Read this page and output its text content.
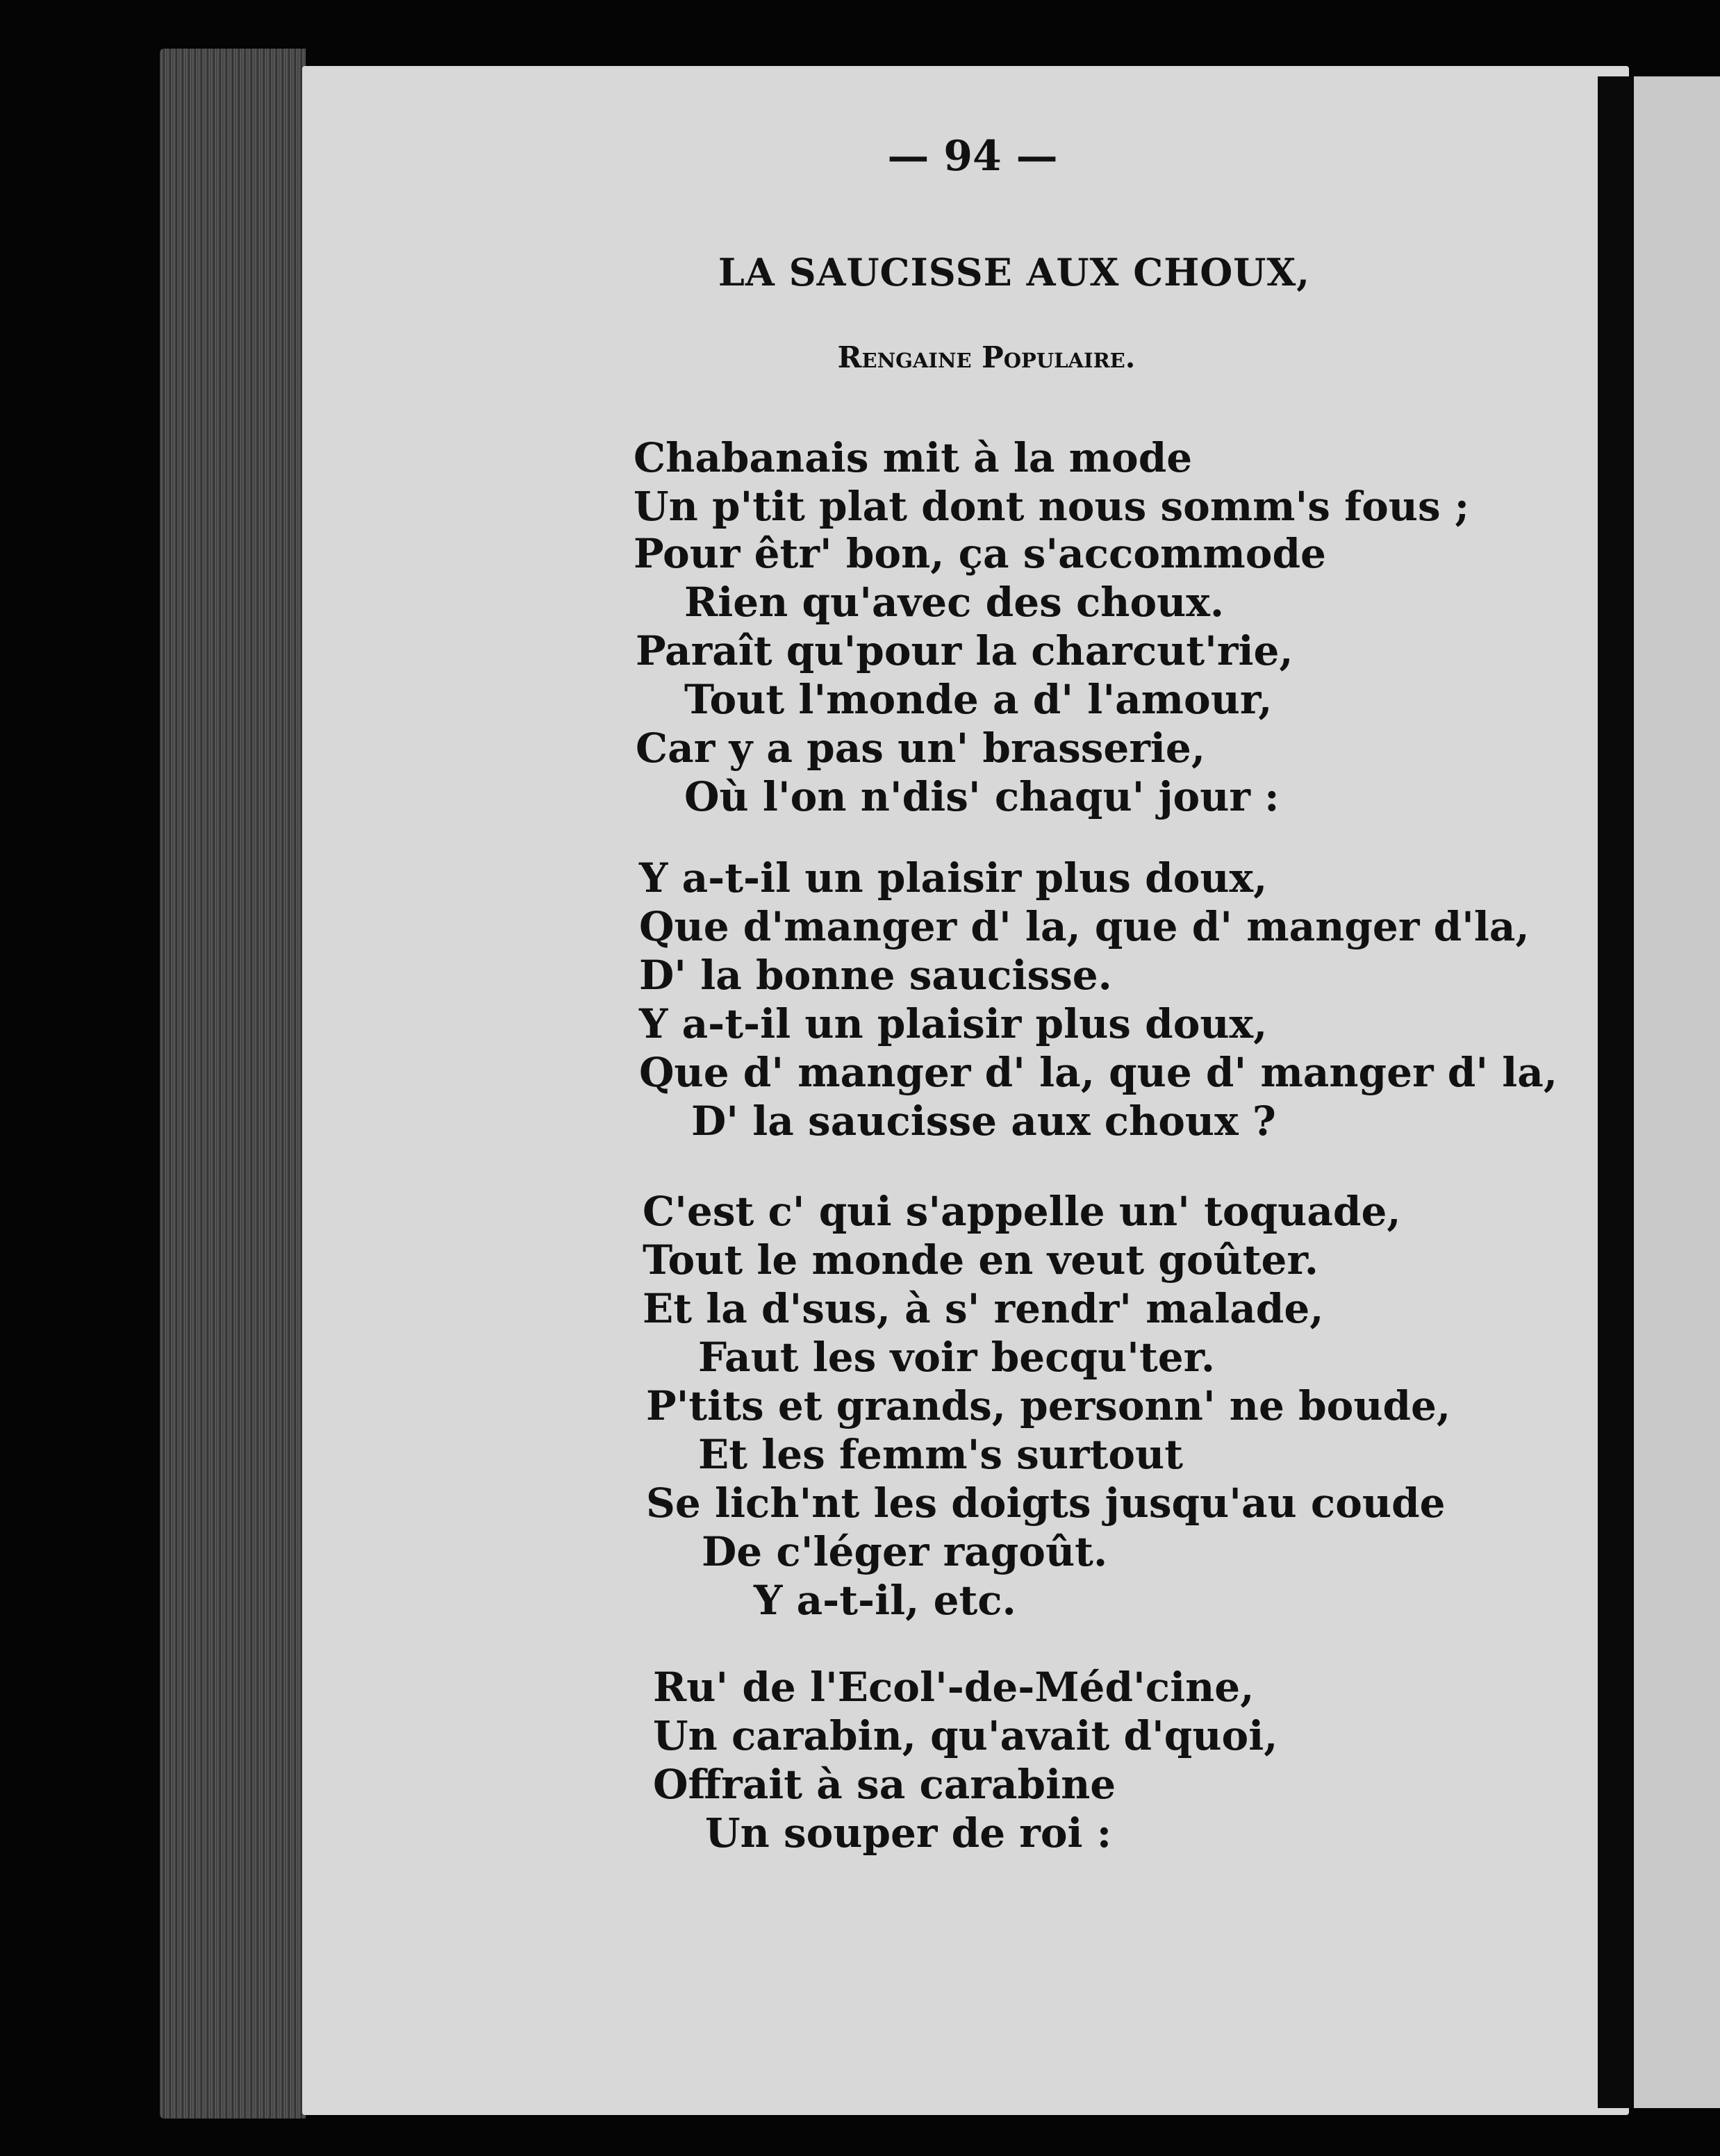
— 94 —
LA SAUCISSE AUX CHOUX,
Rengaine Populaire.
Chabanais mit à la mode
Un p'tit plat dont nous somm's fous ;
Pour êtr' bon, ça s'accommode
Rien qu'avec des choux.
Paraît qu'pour la charcut'rie,
Tout l'monde a d' l'amour,
Car y a pas un' brasserie,
Où l'on n'dis' chaqu' jour :
Y a-t-il un plaisir plus doux,
Que d'manger d' la, que d' manger d'la,
D' la bonne saucisse.
Y a-t-il un plaisir plus doux,
Que d' manger d' la, que d' manger d' la,
D' la saucisse aux choux ?
C'est c' qui s'appelle un' toquade,
Tout le monde en veut goûter.
Et la d'sus, à s' rendr' malade,
Faut les voir becqu'ter.
P'tits et grands, personn' ne boude,
Et les femm's surtout
Se lich'nt les doigts jusqu'au coude
De c'léger ragoût.
Y a-t-il, etc.
Ru' de l'Ecol'-de-Méd'cine,
Un carabin, qu'avait d'quoi,
Offrait à sa carabine
Un souper de roi :
